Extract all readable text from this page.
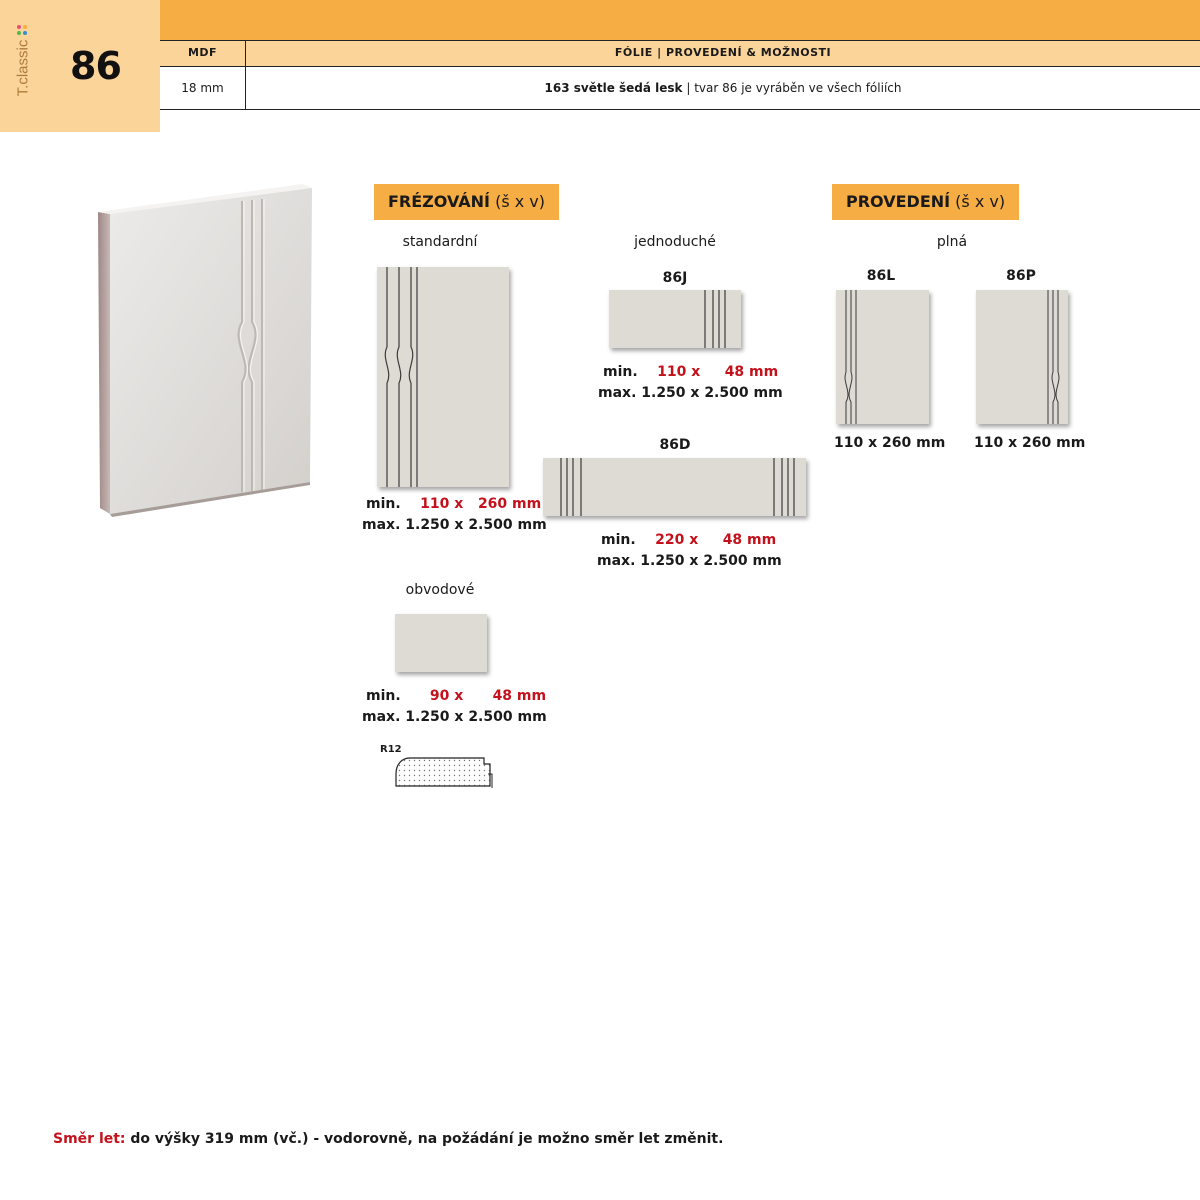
T.classic 86	MDF	FÓLIE | PROVEDENÍ & MOŽNOSTI
18 mm	163 světle šedá lesk | tvar 86 je vyráběn ve všech fóliích
FRÉZOVÁNÍ (š x v)
standardní
min. 110 x 260 mm
max. 1.250 x 2.500 mm
jednoduché
86J
min. 110 x 48 mm
max. 1.250 x 2.500 mm
86D
min. 220 x 48 mm
max. 1.250 x 2.500 mm
obvodové
min. 90 x 48 mm
max. 1.250 x 2.500 mm
R12
PROVEDENÍ (š x v)
plná
86L
110 x 260 mm
86P
110 x 260 mm
Směr let: do výšky 319 mm (vč.) - vodorovně, na požádání je možno směr let změnit.
